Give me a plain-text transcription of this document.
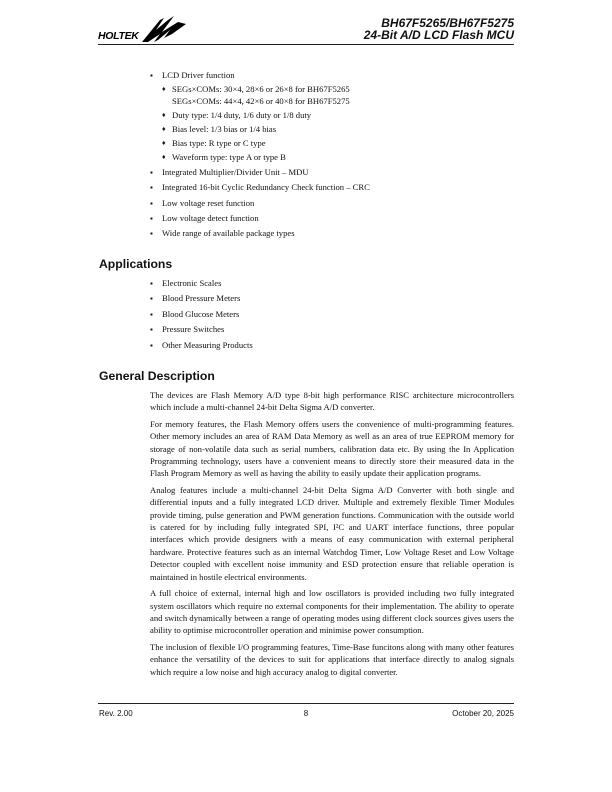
HOLTEK
BH67F5265/BH67F5275
24-Bit A/D LCD Flash MCU
▪ LCD Driver function
♦ SEGs×COMs: 30×4, 28×6 or 26×8 for BH67F5265
SEGs×COMs: 44×4, 42×6 or 40×8 for BH67F5275
♦ Duty type: 1/4 duty, 1/6 duty or 1/8 duty
♦ Bias level: 1/3 bias or 1/4 bias
♦ Bias type: R type or C type
♦ Waveform type: type A or type B
▪ Integrated Multiplier/Divider Unit – MDU
▪ Integrated 16-bit Cyclic Redundancy Check function – CRC
▪ Low voltage reset function
▪ Low voltage detect function
▪ Wide range of available package types
Applications
▪ Electronic Scales
▪ Blood Pressure Meters
▪ Blood Glucose Meters
▪ Pressure Switches
▪ Other Measuring Products
General Description

The devices are Flash Memory A/D type 8-bit high performance RISC architecture microcontrollers which include a multi-channel 24-bit Delta Sigma A/D converter.

For memory features, the Flash Memory offers users the convenience of multi-programming features. Other memory includes an area of RAM Data Memory as well as an area of true EEPROM memory for storage of non-volatile data such as serial numbers, calibration data etc. By using the In Application Programming technology, users have a convenient means to directly store their measured data in the Flash Program Memory as well as having the ability to easily update their application programs.

Analog features include a multi-channel 24-bit Delta Sigma A/D Converter with both single and differential inputs and a fully integrated LCD driver. Multiple and extremely flexible Timer Modules provide timing, pulse generation and PWM generation functions. Communication with the outside world is catered for by including fully integrated SPI, I²C and UART interface functions, three popular interfaces which provide designers with a means of easy communication with external peripheral hardware. Protective features such as an internal Watchdog Timer, Low Voltage Reset and Low Voltage Detector coupled with excellent noise immunity and ESD protection ensure that reliable operation is maintained in hostile electrical environments.

A full choice of external, internal high and low oscillators is provided including two fully integrated system oscillators which require no external components for their implementation. The ability to operate and switch dynamically between a range of operating modes using different clock sources gives users the ability to optimise microcontroller operation and minimise power consumption.

The inclusion of flexible I/O programming features, Time-Base funcitons along with many other features enhance the versatility of the devices to suit for applications that interface directly to analog signals which require a low noise and high accuracy analog to digital converter.

Rev. 2.00	8	October 20, 2025
